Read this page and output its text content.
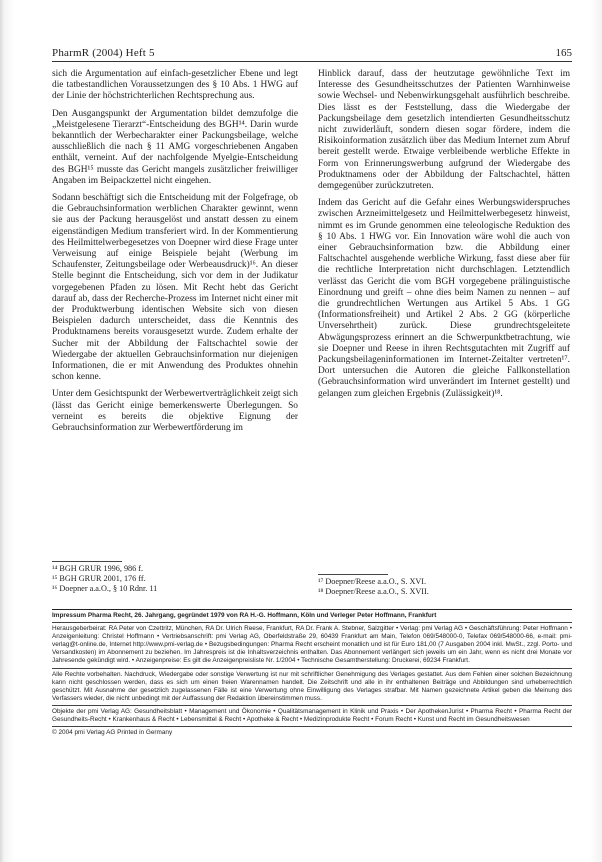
PharmR (2004) Heft 5	165

sich die Argumentation auf einfach-gesetzlicher Ebene und legt die tatbestandlichen Voraussetzungen des § 10 Abs. 1 HWG auf der Linie der höchstrichterlichen Rechtsprechung aus.

Den Ausgangspunkt der Argumentation bildet demzufolge die „Meistgelesene Tierarzt“-Entscheidung des BGH¹⁴. Darin wurde bekanntlich der Werbecharakter einer Packungsbeilage, welche ausschließlich die nach § 11 AMG vorgeschriebenen Angaben enthält, verneint. Auf der nachfolgende Myelgie-Entscheidung des BGH¹⁵ musste das Gericht mangels zusätzlicher freiwilliger Angaben im Beipackzettel nicht eingehen.

Sodann beschäftigt sich die Entscheidung mit der Folgefrage, ob die Gebrauchsinformation werblichen Charakter gewinnt, wenn sie aus der Packung herausgelöst und anstatt dessen zu einem eigenständigen Medium transferiert wird. In der Kommentierung des Heilmittelwerbegesetzes von Doepner wird diese Frage unter Verweisung auf einige Beispiele bejaht (Werbung im Schaufenster, Zeitungsbeilage oder Werbeausdruck)¹⁶. An dieser Stelle beginnt die Entscheidung, sich vor dem in der Judikatur vorgegebenen Pfaden zu lösen. Mit Recht hebt das Gericht darauf ab, dass der Recherche-Prozess im Internet nicht einer mit der Produktwerbung identischen Website sich von diesen Beispielen dadurch unterscheidet, dass die Kenntnis des Produktnamens bereits vorausgesetzt wurde. Zudem erhalte der Sucher mit der Abbildung der Faltschachtel sowie der Wiedergabe der aktuellen Gebrauchsinformation nur diejenigen Informationen, die er mit Anwendung des Produktes ohnehin schon kenne.

Unter dem Gesichtspunkt der Werbewertverträglichkeit zeigt sich (lässt das Gericht einige bemerkenswerte Überlegungen. So verneint es bereits die objektive Eignung der Gebrauchsinformation zur Werbewertförderung im

Hinblick darauf, dass der heutzutage gewöhnliche Text im Interesse des Gesundheitsschutzes der Patienten Warnhinweise sowie Wechsel- und Nebenwirkungsgehalt ausführlich beschreibe. Dies lässt es der Feststellung, dass die Wiedergabe der Packungsbeilage dem gesetzlich intendierten Gesundheitsschutz nicht zuwiderläuft, sondern diesen sogar fördere, indem die Risikoinformation zusätzlich über das Medium Internet zum Abruf bereit gestellt werde. Etwaige verbleibende werbliche Effekte in Form von Erinnerungswerbung aufgrund der Wiedergabe des Produktnamens oder der Abbildung der Faltschachtel, hätten demgegenüber zurückzutreten.

Indem das Gericht auf die Gefahr eines Werbungswiderspruches zwischen Arzneimittelgesetz und Heilmittelwerbegesetz hinweist, nimmt es im Grunde genommen eine teleologische Reduktion des § 10 Abs. 1 HWG vor. Ein Innovation wäre wohl die auch von einer Gebrauchsinformation bzw. die Abbildung einer Faltschachtel ausgehende werbliche Wirkung, fasst diese aber für die rechtliche Interpretation nicht durchschlagen. Letztendlich verlässt das Gericht die vom BGH vorgegebene prälinguistische Einordnung und greift – ohne dies beim Namen zu nennen – auf die grundrechtlichen Wertungen aus Artikel 5 Abs. 1 GG (Informationsfreiheit) und Artikel 2 Abs. 2 GG (körperliche Unversehrtheit) zurück. Diese grundrechtsgeleitete Abwägungsprozess erinnert an die Schwerpunktbetrachtung, wie sie Doepner und Reese in ihren Rechtsgutachten mit Zugriff auf Packungsbeilageninformationen im Internet-Zeitalter vertreten¹⁷. Dort untersuchen die Autoren die gleiche Fallkonstellation (Gebrauchsinformation wird unverändert im Internet gestellt) und gelangen zum gleichen Ergebnis (Zulässigkeit)¹⁸.

¹⁴ BGH GRUR 1996, 986 f.
¹⁵ BGH GRUR 2001, 176 ff.
¹⁶ Doepner a.a.O., § 10 Rdnr. 11
¹⁷ Doepner/Reese a.a.O., S. XVI.
¹⁸ Doepner/Reese a.a.O., S. XVII.
Impressum Pharma Recht, 26. Jahrgang, gegründet 1979 von RA H.-G. Hoffmann, Köln und Verleger Peter Hoffmann, Frankfurt
Herausgeberbeirat: RA Peter von Czettritz, München, RA Dr. Ulrich Reese, Frankfurt, RA Dr. Frank A. Stebner, Salzgitter • Verlag: pmi Verlag AG • Geschäftsführung: Peter Hoffmann • Anzeigenleitung: Christel Hoffmann • Vertriebsanschrift: pmi Verlag AG, Oberfeldstraße 29, 60439 Frankfurt am Main, Telefon 069/548000-0, Telefax 069/548000-66, e-mail: pmi-verlag@t-online.de, Internet http://www.pmi-verlag.de • Bezugsbedingungen: Pharma Recht erscheint monatlich und ist für Euro 181,00 (7 Ausgaben 2004 inkl. MwSt., zzgl. Porto- und Versandkosten) im Abonnement zu beziehen. Im Jahrespreis ist die Inhaltsverzeichnis enthalten. Das Abonnement verlängert sich jeweils um ein Jahr, wenn es nicht drei Monate vor Jahresende gekündigt wird. • Anzeigenpreise: Es gilt die Anzeigenpreisliste Nr. 1/2004 • Technische Gesamtherstellung: Druckerei, 69234 Frankfurt.
Alle Rechte vorbehalten. Nachdruck, Wiedergabe oder sonstige Verwertung ist nur mit schriftlicher Genehmigung des Verlages gestattet. Aus dem Fehlen einer solchen Bezeichnung kann nicht geschlossen werden, dass es sich um einen freien Warennamen handelt. Die Zeitschrift und alle in ihr enthaltenen Beiträge und Abbildungen sind urheberrechtlich geschützt. Mit Ausnahme der gesetzlich zugelassenen Fälle ist eine Verwertung ohne Einwilligung des Verlages strafbar. Mit Namen gezeichnete Artikel geben die Meinung des Verfassers wieder, die nicht unbedingt mit der Auffassung der Redaktion übereinstimmen muss.
Objekte der pmi Verlag AG: Gesundheitsblatt • Management und Ökonomie • Qualitätsmanagement in Klinik und Praxis • Der ApothekenJurist • Pharma Recht • Pharma Recht der Gesundheits-Recht • Krankenhaus & Recht • Lebensmittel & Recht • Apotheke & Recht • Medizinprodukte Recht • Forum Recht • Kunst und Recht im Gesundheitswesen
© 2004 pmi Verlag AG Printed in Germany
